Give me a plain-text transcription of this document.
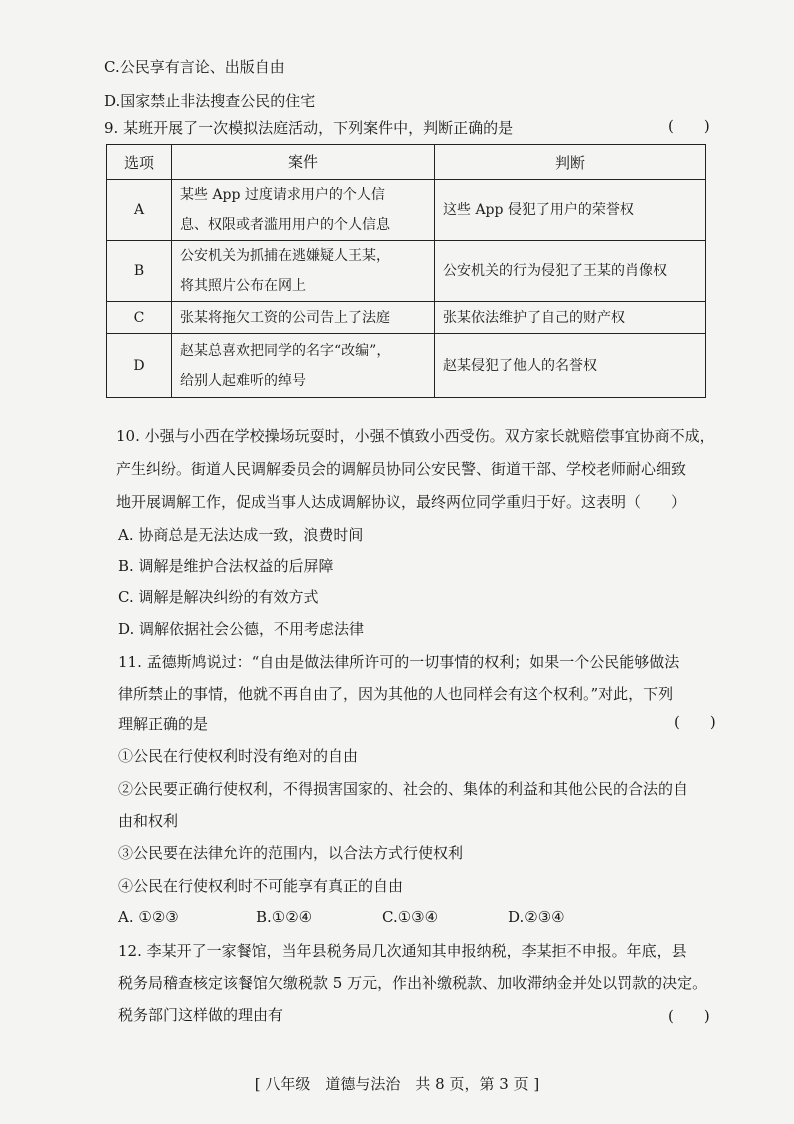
C.公民享有言论、出版自由
D.国家禁止非法搜查公民的住宅
9. 某班开展了一次模拟法庭活动，下列案件中，判断正确的是	(　　)
选项	案件	判断
A	某些 App 过度请求用户的个人信
息、权限或者滥用用户的个人信息	这些 App 侵犯了用户的荣誉权
B	公安机关为抓捕在逃嫌疑人王某，
将其照片公布在网上	公安机关的行为侵犯了王某的肖像权
C	张某将拖欠工资的公司告上了法庭	张某依法维护了自己的财产权
D	赵某总喜欢把同学的名字“改编”，
给别人起难听的绰号	赵某侵犯了他人的名誉权
10. 小强与小西在学校操场玩耍时，小强不慎致小西受伤。双方家长就赔偿事宜协商不成，
产生纠纷。街道人民调解委员会的调解员协同公安民警、街道干部、学校老师耐心细致
地开展调解工作，促成当事人达成调解协议，最终两位同学重归于好。这表明（　　）
A. 协商总是无法达成一致，浪费时间
B. 调解是维护合法权益的后屏障
C. 调解是解决纠纷的有效方式
D. 调解依据社会公德，不用考虑法律
11. 孟德斯鸠说过：“自由是做法律所许可的一切事情的权利；如果一个公民能够做法
律所禁止的事情，他就不再自由了，因为其他的人也同样会有这个权利。”对此，下列
理解正确的是	(　　)
①公民在行使权利时没有绝对的自由
②公民要正确行使权利，不得损害国家的、社会的、集体的利益和其他公民的合法的自
由和权利
③公民要在法律允许的范围内，以合法方式行使权利
④公民在行使权利时不可能享有真正的自由
A. ①②③	B.①②④	C.①③④	D.②③④
12. 李某开了一家餐馆，当年县税务局几次通知其申报纳税，李某拒不申报。年底，县
税务局稽查核定该餐馆欠缴税款 5 万元，作出补缴税款、加收滞纳金并处以罚款的决定。
税务部门这样做的理由有	(　　)
[ 八年级　道德与法治　共 8 页，第 3 页 ]
